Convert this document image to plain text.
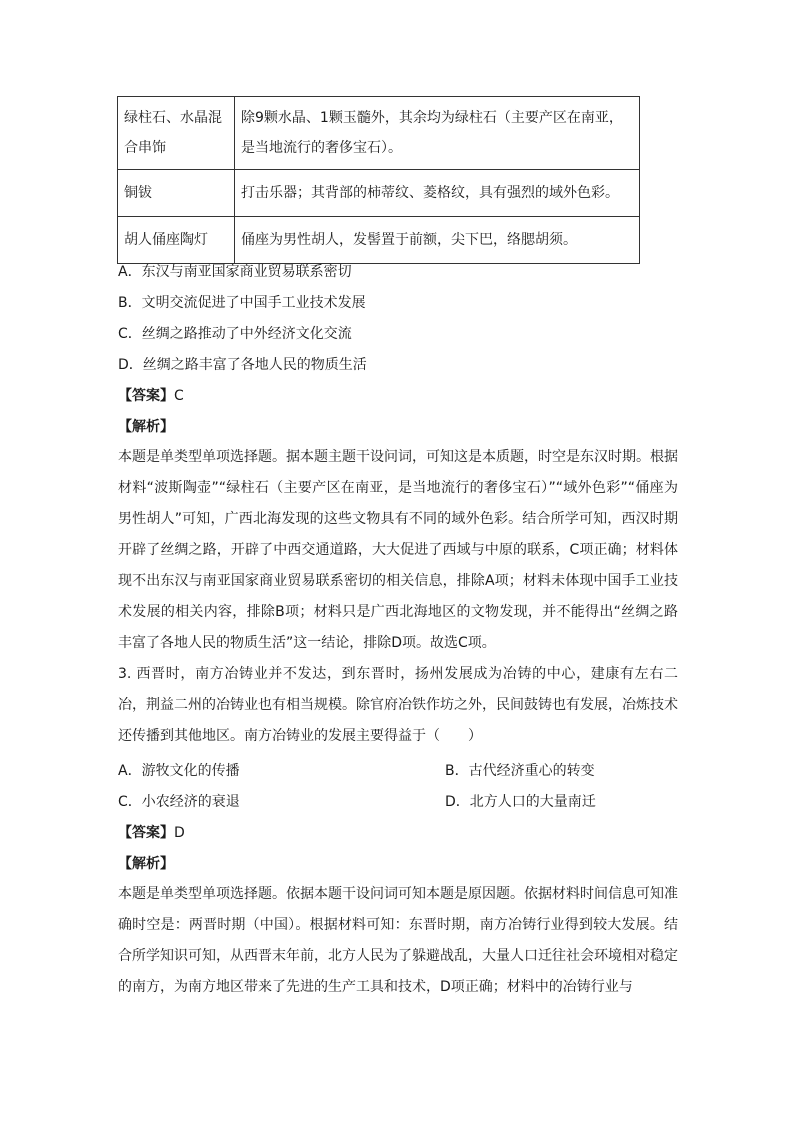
绿柱石、水晶混合串饰	除9颗水晶、1颗玉髓外，其余均为绿柱石（主要产区在南亚，是当地流行的奢侈宝石）。
铜钹	打击乐器；其背部的柿蒂纹、菱格纹，具有强烈的域外色彩。
胡人俑座陶灯	俑座为男性胡人，发髻置于前额，尖下巴，络腮胡须。
A．东汉与南亚国家商业贸易联系密切
B．文明交流促进了中国手工业技术发展
C．丝绸之路推动了中外经济文化交流
D．丝绸之路丰富了各地人民的物质生活
【答案】C
【解析】
本题是单类型单项选择题。据本题主题干设问词，可知这是本质题，时空是东汉时期。根据材料“波斯陶壶”“绿柱石（主要产区在南亚，是当地流行的奢侈宝石）”“域外色彩”“俑座为男性胡人”可知，广西北海发现的这些文物具有不同的域外色彩。结合所学可知，西汉时期开辟了丝绸之路，开辟了中西交通道路，大大促进了西域与中原的联系，C项正确；材料体现不出东汉与南亚国家商业贸易联系密切的相关信息，排除A项；材料未体现中国手工业技术发展的相关内容，排除B项；材料只是广西北海地区的文物发现，并不能得出“丝绸之路丰富了各地人民的物质生活”这一结论，排除D项。故选C项。
3. 西晋时，南方冶铸业并不发达，到东晋时，扬州发展成为冶铸的中心，建康有左右二冶，荆益二州的冶铸业也有相当规模。除官府冶铁作坊之外，民间鼓铸也有发展，冶炼技术还传播到其他地区。南方冶铸业的发展主要得益于（　　）
A．游牧文化的传播	B．古代经济重心的转变
C．小农经济的衰退	D．北方人口的大量南迁
【答案】D
【解析】
本题是单类型单项选择题。依据本题干设问词可知本题是原因题。依据材料时间信息可知准确时空是：两晋时期（中国）。根据材料可知：东晋时期，南方冶铸行业得到较大发展。结合所学知识可知，从西晋末年前，北方人民为了躲避战乱，大量人口迁往社会环境相对稳定的南方，为南方地区带来了先进的生产工具和技术，D项正确；材料中的冶铸行业与
